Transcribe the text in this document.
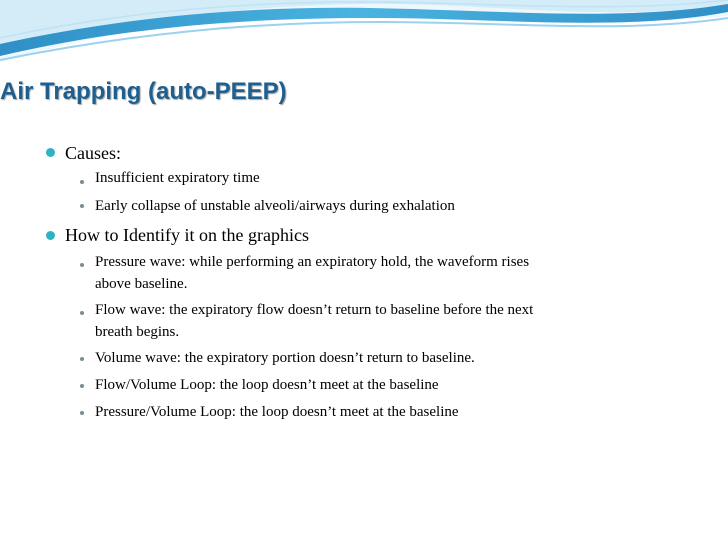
Air Trapping (auto-PEEP)

Causes:

Insufficient expiratory time

Early collapse of unstable alveoli/airways during exhalation

How to Identify it on the graphics

Pressure wave: while performing an expiratory hold, the waveform rises

above baseline.

Flow wave: the expiratory flow doesn’t return to baseline before the next

breath begins.

Volume wave: the expiratory portion doesn’t return to baseline.

Flow/Volume Loop: the loop doesn’t meet at the baseline

Pressure/Volume Loop: the loop doesn’t meet at the baseline
